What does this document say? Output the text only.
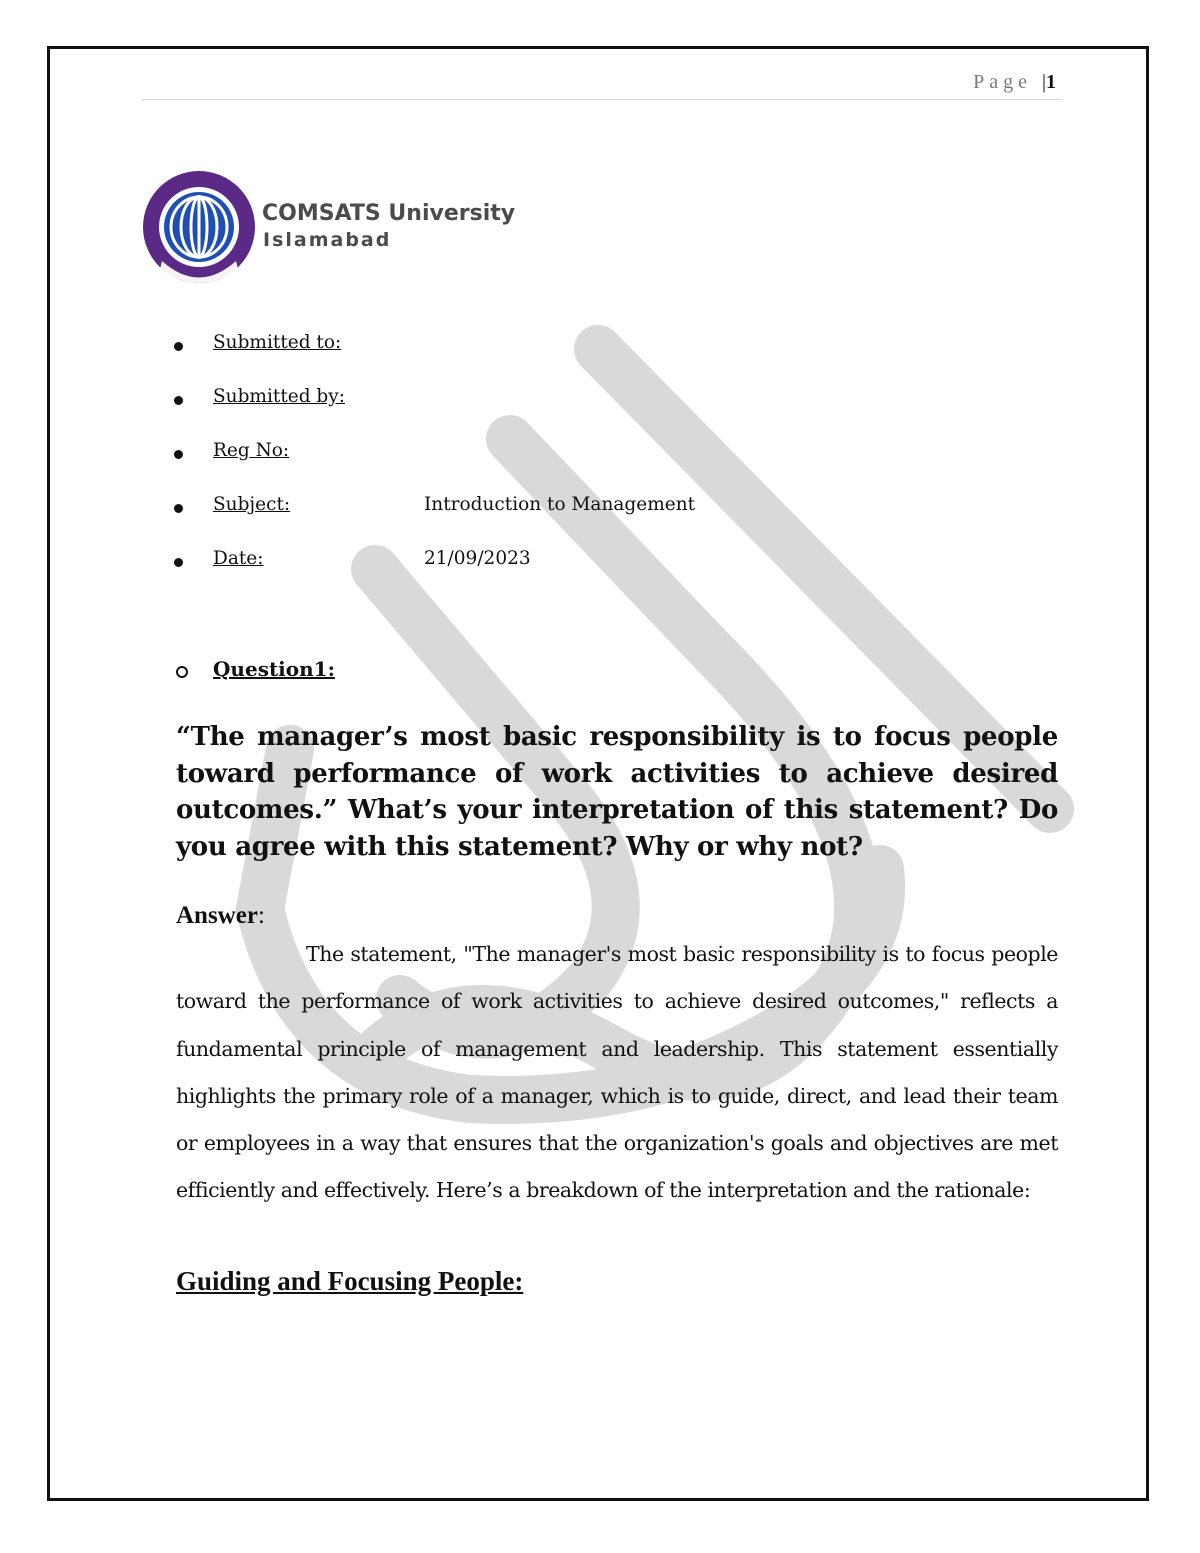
Page |1
COMSATS University
Islamabad
Submitted to:
Submitted by:
Reg No:
Subject:	Introduction to Management
Date:	21/09/2023
Question1:
“The manager’s most basic responsibility is to focus people toward performance of work activities to achieve desired outcomes.” What’s your interpretation of this statement? Do you agree with this statement? Why or why not?
Answer:
The statement, "The manager's most basic responsibility is to focus people toward the performance of work activities to achieve desired outcomes," reflects a fundamental principle of management and leadership. This statement essentially highlights the primary role of a manager, which is to guide, direct, and lead their team or employees in a way that ensures that the organization's goals and objectives are met efficiently and effectively. Here’s a breakdown of the interpretation and the rationale:
Guiding and Focusing People:
